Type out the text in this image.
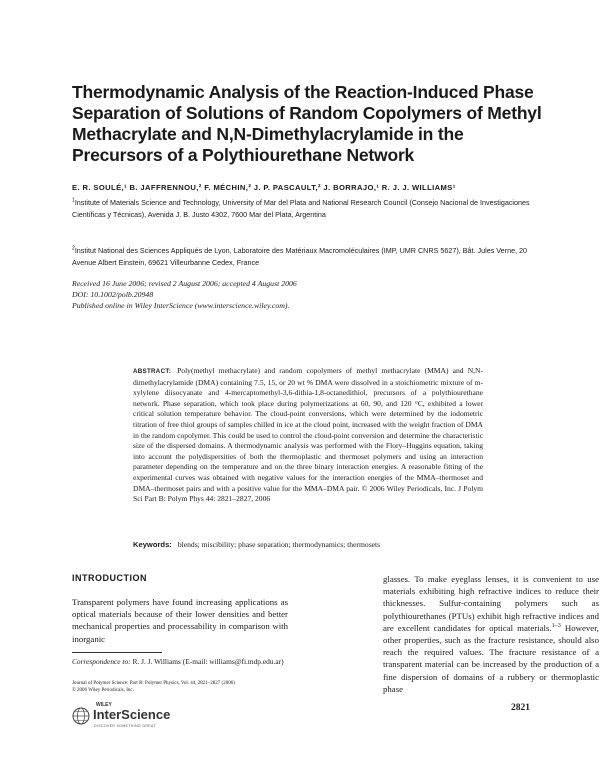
Thermodynamic Analysis of the Reaction-Induced Phase Separation of Solutions of Random Copolymers of Methyl Methacrylate and N,N-Dimethylacrylamide in the Precursors of a Polythiourethane Network
E. R. SOULÉ,¹ B. JAFFRENNOU,² F. MÉCHIN,² J. P. PASCAULT,² J. BORRAJO,¹ R. J. J. WILLIAMS¹
$^1$Institute of Materials Science and Technology, University of Mar del Plata and National Research Council (Consejo Nacional de Investigaciones Científicas y Técnicas), Avenida J. B. Justo 4302, 7600 Mar del Plata, Argentina
$^2$Institut National des Sciences Appliqués de Lyon, Laboratoire des Matériaux Macromoléculaires (IMP, UMR CNRS 5627), Bât. Jules Verne, 20 Avenue Albert Einstein, 69621 Villeurbanne Cedex, France
Received 16 June 2006; revised 2 August 2006; accepted 4 August 2006
DOI: 10.1002/polb.20948
Published online in Wiley InterScience (www.interscience.wiley.com).
ABSTRACT: Poly(methyl methacrylate) and random copolymers of methyl methacrylate (MMA) and N,N-dimethylacrylamide (DMA) containing 7.5, 15, or 20 wt % DMA were dissolved in a stoichiometric mixture of m-xylylene diisocyanate and 4-mercaptomethyl-3,6-dithia-1,8-octanedithiol, precursors of a polythiourethane network. Phase separation, which took place during polymerizations at 60, 90, and 120 °C, exhibited a lower critical solution temperature behavior. The cloud-point conversions, which were determined by the iodometric titration of free thiol groups of samples chilled in ice at the cloud point, increased with the weight fraction of DMA in the random copolymer. This could be used to control the cloud-point conversion and determine the characteristic size of the dispersed domains. A thermodynamic analysis was performed with the Flory–Huggins equation, taking into account the polydispersities of both the thermoplastic and thermoset polymers and using an interaction parameter depending on the temperature and on the three binary interaction energies. A reasonable fitting of the experimental curves was obtained with negative values for the interaction energies of the MMA–thermoset and DMA–thermoset pairs and with a positive value for the MMA–DMA pair. © 2006 Wiley Periodicals, Inc. J Polym Sci Part B: Polym Phys 44: 2821–2827, 2006
Keywords: blends; miscibility; phase separation; thermodynamics; thermosets
INTRODUCTION
Transparent polymers have found increasing applications as optical materials because of their lower densities and better mechanical properties and processability in comparison with inorganic
glasses. To make eyeglass lenses, it is convenient to use materials exhibiting high refractive indices to reduce their thicknesses. Sulfur-containing polymers such as polythiourethanes (PTUs) exhibit high refractive indices and are excellent candidates for optical materials.$^{1-3}$ However, other properties, such as the fracture resistance, should also reach the required values. The fracture resistance of a transparent material can be increased by the production of a fine dispersion of domains of a rubbery or thermoplastic phase
Correspondence to: R. J. J. Williams (E-mail: williams@fi.mdp.edu.ar)
Journal of Polymer Science: Part B: Polymer Physics, Vol. 44, 2821–2827 (2006)
© 2006 Wiley Periodicals, Inc.
WILEY
InterScience
DISCOVER SOMETHING GREAT
2821
